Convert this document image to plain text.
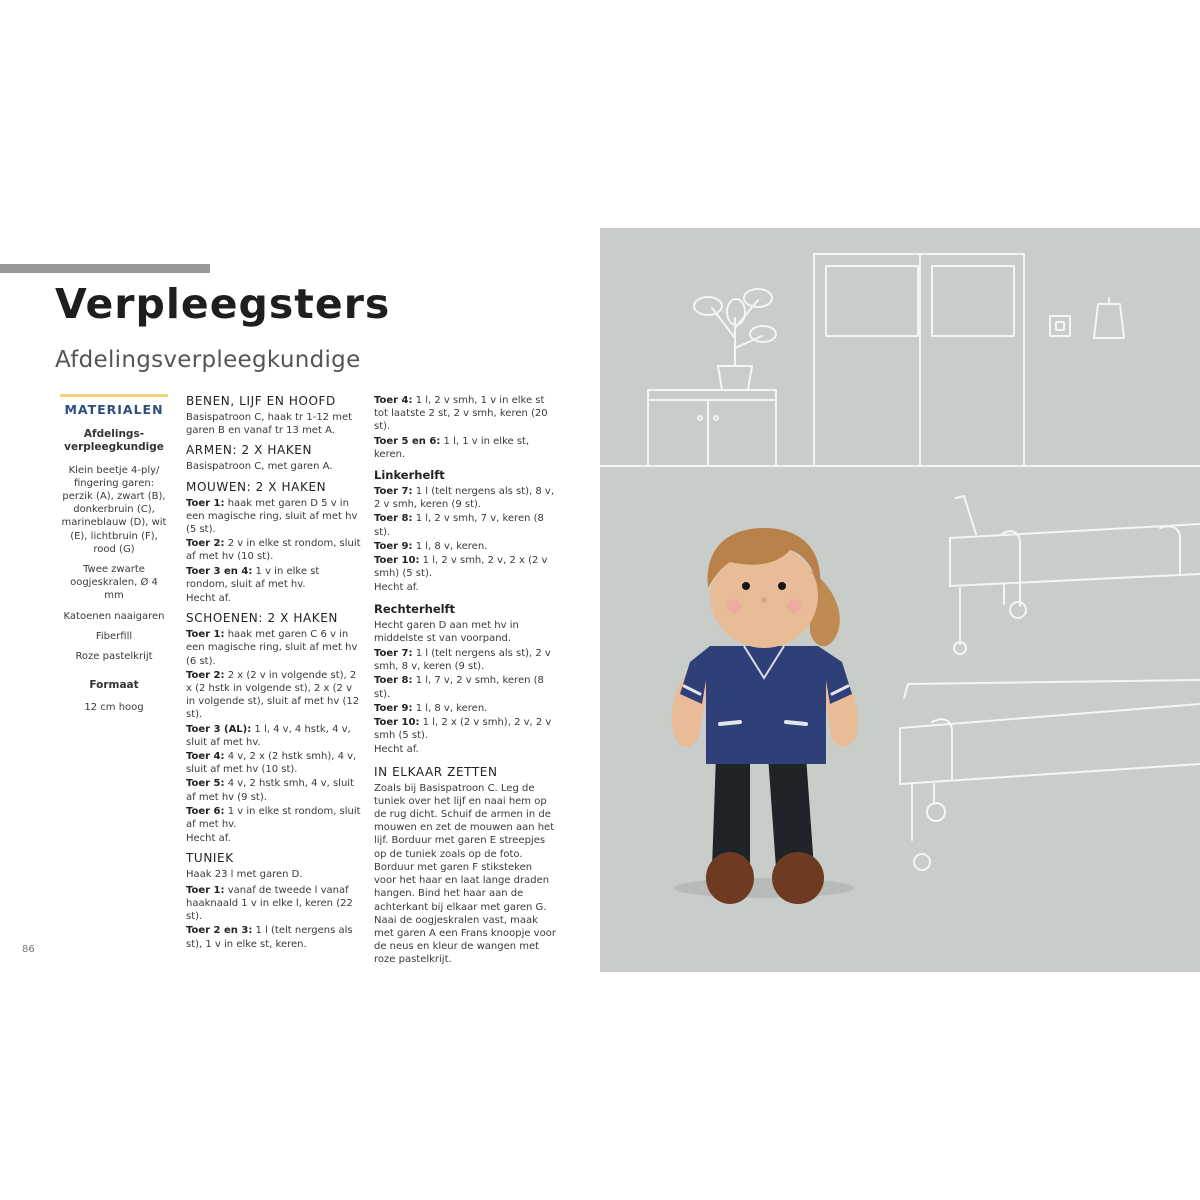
Verpleegsters
Afdelingsverpleegkundige
MATERIALEN
Afdelings-verpleegkundige
Klein beetje 4-ply/ fingering garen: perzik (A), zwart (B), donkerbruin (C), marineblauw (D), wit (E), lichtbruin (F), rood (G)
Twee zwarte oogjeskralen, Ø 4 mm
Katoenen naaigaren
Fiberfill
Roze pastelkrijt
Formaat
12 cm hoog
BENEN, LIJF EN HOOFD
Basispatroon C, haak tr 1-12 met garen B en vanaf tr 13 met A.
ARMEN: 2 X HAKEN
Basispatroon C, met garen A.
MOUWEN: 2 X HAKEN
Toer 1: haak met garen D 5 v in een magische ring, sluit af met hv (5 st).
Toer 2: 2 v in elke st rondom, sluit af met hv (10 st).
Toer 3 en 4: 1 v in elke st rondom, sluit af met hv.
Hecht af.
SCHOENEN: 2 X HAKEN
Toer 1: haak met garen C 6 v in een magische ring, sluit af met hv (6 st).
Toer 2: 2 x (2 v in volgende st), 2 x (2 hstk in volgende st), 2 x (2 v in volgende st), sluit af met hv (12 st).
Toer 3 (AL): 1 l, 4 v, 4 hstk, 4 v, sluit af met hv.
Toer 4: 4 v, 2 x (2 hstk smh), 4 v, sluit af met hv (10 st).
Toer 5: 4 v, 2 hstk smh, 4 v, sluit af met hv (9 st).
Toer 6: 1 v in elke st rondom, sluit af met hv.
Hecht af.
TUNIEK
Haak 23 l met garen D.
Toer 1: vanaf de tweede l vanaf haaknaald 1 v in elke l, keren (22 st).
Toer 2 en 3: 1 l (telt nergens als st), 1 v in elke st, keren.
Toer 4: 1 l, 2 v smh, 1 v in elke st tot laatste 2 st, 2 v smh, keren (20 st).
Toer 5 en 6: 1 l, 1 v in elke st, keren.
Linkerhelft
Toer 7: 1 l (telt nergens als st), 8 v, 2 v smh, keren (9 st).
Toer 8: 1 l, 2 v smh, 7 v, keren (8 st).
Toer 9: 1 l, 8 v, keren.
Toer 10: 1 l, 2 v smh, 2 v, 2 x (2 v smh) (5 st).
Hecht af.
Rechterhelft
Hecht garen D aan met hv in middelste st van voorpand.
Toer 7: 1 l (telt nergens als st), 2 v smh, 8 v, keren (9 st).
Toer 8: 1 l, 7 v, 2 v smh, keren (8 st).
Toer 9: 1 l, 8 v, keren.
Toer 10: 1 l, 2 x (2 v smh), 2 v, 2 v smh (5 st).
Hecht af.
IN ELKAAR ZETTEN
Zoals bij Basispatroon C. Leg de tuniek over het lijf en naai hem op de rug dicht. Schuif de armen in de mouwen en zet de mouwen aan het lijf. Borduur met garen E streepjes op de tuniek zoals op de foto. Borduur met garen F stiksteken voor het haar en laat lange draden hangen. Bind het haar aan de achterkant bij elkaar met garen G. Naai de oogjeskralen vast, maak met garen A een Frans knoopje voor de neus en kleur de wangen met roze pastelkrijt.
86
